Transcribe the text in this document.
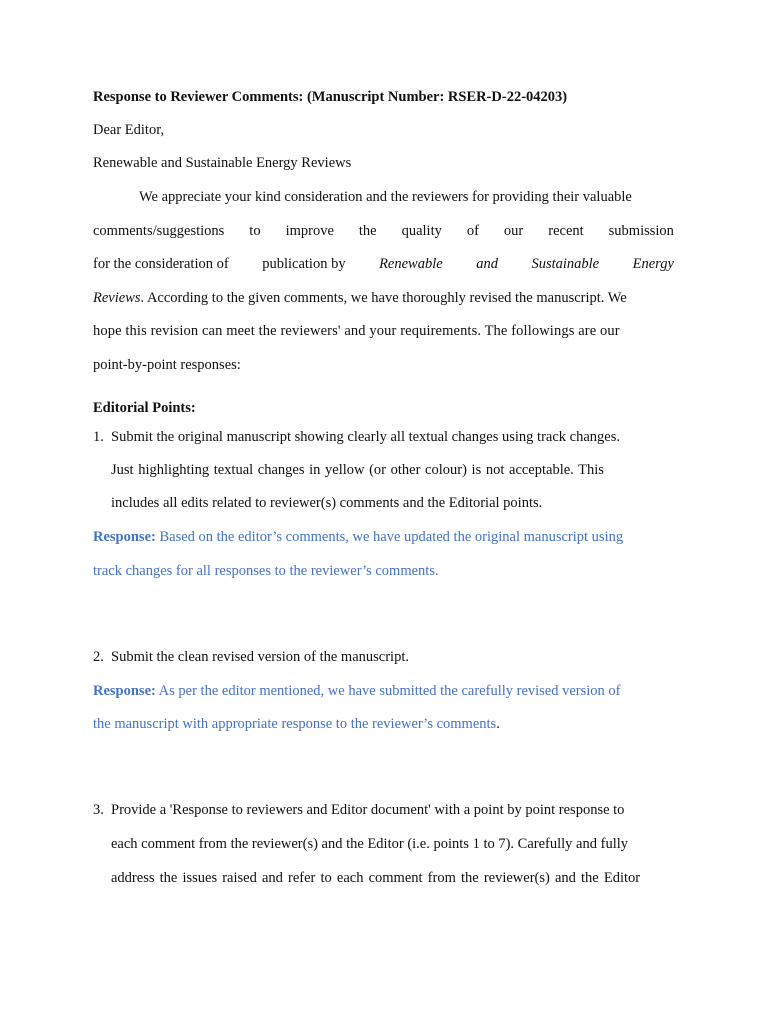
Response to Reviewer Comments: (Manuscript Number: RSER-D-22-04203)
Dear Editor,
Renewable and Sustainable Energy Reviews
We appreciate your kind consideration and the reviewers for providing their valuable
comments/suggestions to improve the quality of our recent submission
for the consideration of publication by Renewable and Sustainable Energy
Reviews. According to the given comments, we have thoroughly revised the manuscript. We
hope this revision can meet the reviewers' and your requirements. The followings are our
point-by-point responses:
Editorial Points:
1. Submit the original manuscript showing clearly all textual changes using track changes.
Just highlighting textual changes in yellow (or other colour) is not acceptable. This
includes all edits related to reviewer(s) comments and the Editorial points.
Response: Based on the editor’s comments, we have updated the original manuscript using
track changes for all responses to the reviewer’s comments.
2. Submit the clean revised version of the manuscript.
Response: As per the editor mentioned, we have submitted the carefully revised version of
the manuscript with appropriate response to the reviewer’s comments.
3. Provide a 'Response to reviewers and Editor document' with a point by point response to
each comment from the reviewer(s) and the Editor (i.e. points 1 to 7). Carefully and fully
address the issues raised and refer to each comment from the reviewer(s) and the Editor
